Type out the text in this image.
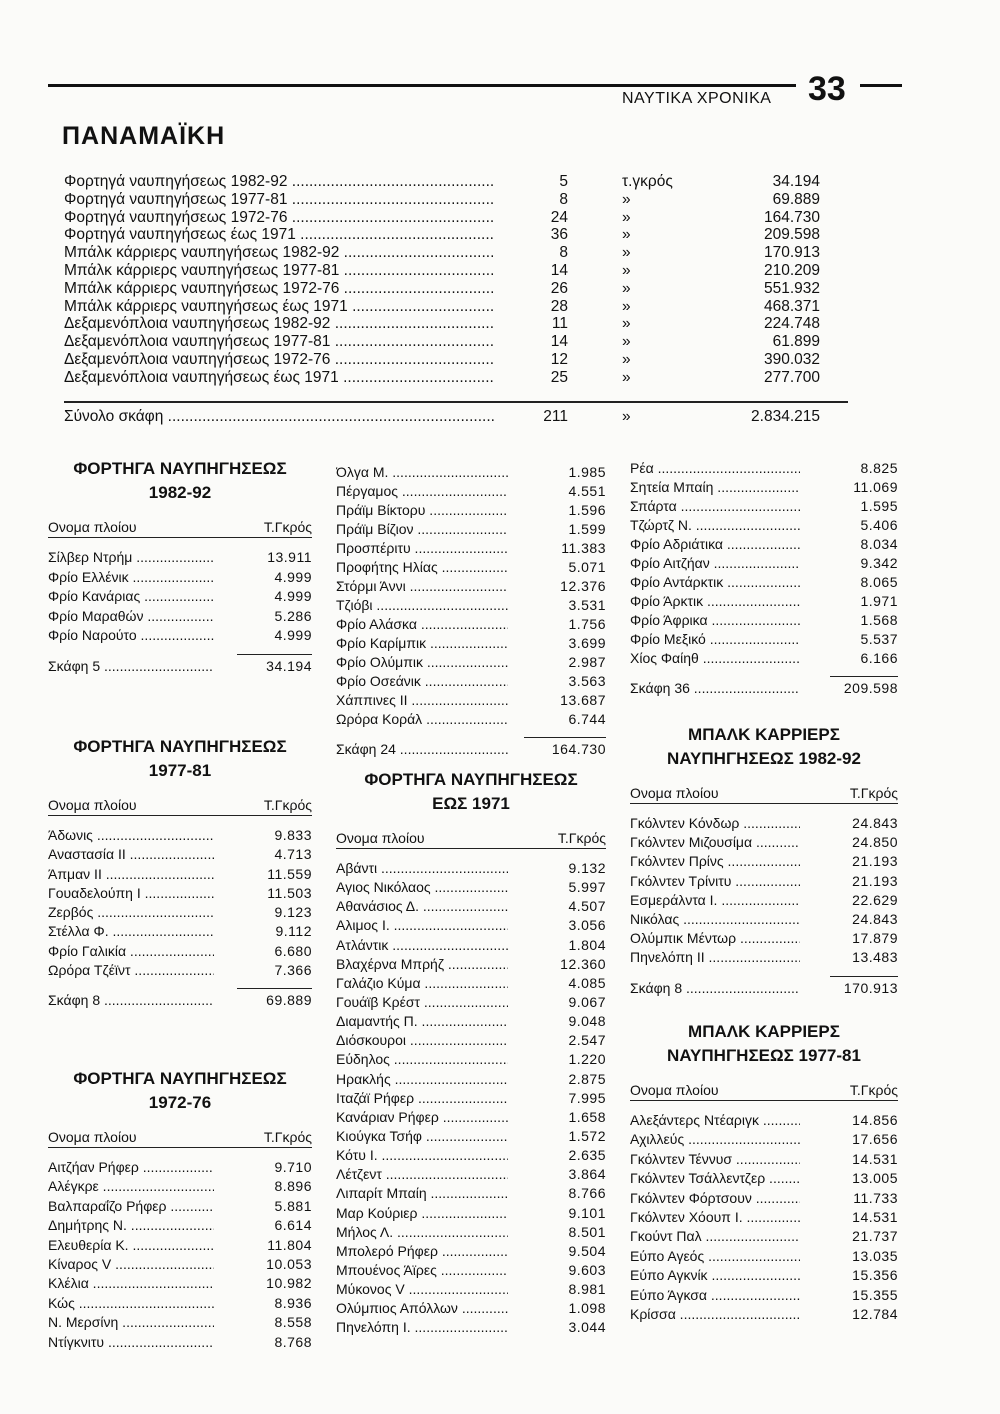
ΝΑΥΤΙΚΑ ΧΡΟΝΙΚΑ 33
ΠΑΝΑΜΑΪΚΗ
Φορτηγά ναυπηγήσεως 1982-92 .....	5	τ.γκρός	34.194
Φορτηγά ναυπηγήσεως 1977-81 .....	8	»	69.889
Φορτηγά ναυπηγήσεως 1972-76 .....	24	»	164.730
Φορτηγά ναυπηγήσεως έως 1971 .....	36	»	209.598
Μπάλκ κάρριερς ναυπηγήσεως 1982-92 .....	8	»	170.913
Μπάλκ κάρριερς ναυπηγήσεως 1977-81 .....	14	»	210.209
Μπάλκ κάρριερς ναυπηγήσεως 1972-76 .....	26	»	551.932
Μπάλκ κάρριερς ναυπηγήσεως έως 1971 .....	28	»	468.371
Δεξαμενόπλοια ναυπηγήσεως 1982-92 .....	11	»	224.748
Δεξαμενόπλοια ναυπηγήσεως 1977-81 .....	14	»	61.899
Δεξαμενόπλοια ναυπηγήσεως 1972-76 .....	12	»	390.032
Δεξαμενόπλοια ναυπηγήσεως έως 1971 .....	25	»	277.700
Σύνολο σκάφη .....	211	»	2.834.215
ΦΟΡΤΗΓΑ ΝΑΥΠΗΓΗΣΕΩΣ
1982-92
Ονομα πλοίου	Τ.Γκρός
Σίλβερ Ντρήμ .....	13.911
Φρίο Ελλένικ .....	4.999
Φρίο Κανάριας .....	4.999
Φρίο Μαραθών .....	5.286
Φρίο Ναρούτο .....	4.999
Σκάφη 5 .....	34.194
ΦΟΡΤΗΓΑ ΝΑΥΠΗΓΗΣΕΩΣ
1977-81
Ονομα πλοίου	Τ.Γκρός
Άδωνις .....	9.833
Αναστασία ΙΙ .....	4.713
Άπμαν ΙΙ .....	11.559
Γουαδελούπη Ι .....	11.503
Ζερβός .....	9.123
Στέλλα Φ. .....	9.112
Φρίο Γαλικία .....	6.680
Ωρόρα Τζέϊντ .....	7.366
Σκάφη 8 .....	69.889
ΦΟΡΤΗΓΑ ΝΑΥΠΗΓΗΣΕΩΣ
1972-76
Ονομα πλοίου	Τ.Γκρός
Αιτζήαν Ρήφερ .....	9.710
Αλέγκρε .....	8.896
Βαλπαραΐζο Ρήφερ .....	5.881
Δημήτρης Ν. .....	6.614
Ελευθερία Κ. .....	11.804
Κίναρος V .....	10.053
Κλέλια .....	10.982
Κώς .....	8.936
Ν. Μερσίνη .....	8.558
Ντίγκνιτυ .....	8.768
Όλγα Μ. .....	1.985
Πέργαμος .....	4.551
Πράϊμ Βίκτορυ .....	1.596
Πράϊμ Βίζιον .....	1.599
Προσπέριτυ .....	11.383
Προφήτης Ηλίας .....	5.071
Στόρμι Άννι .....	12.376
Τζιόβι .....	3.531
Φρίο Αλάσκα .....	1.756
Φρίο Καρίμπικ .....	3.699
Φρίο Ολύμπικ .....	2.987
Φρίο Οσεάνικ .....	3.563
Χάππινες ΙΙ .....	13.687
Ωρόρα Κοράλ .....	6.744
Σκάφη 24 .....	164.730
ΦΟΡΤΗΓΑ ΝΑΥΠΗΓΗΣΕΩΣ
ΕΩΣ 1971
Ονομα πλοίου	Τ.Γκρός
Αβάντι .....	9.132
Αγιος Νικόλαος .....	5.997
Αθανάσιος Δ. .....	4.507
Αλιμος Ι. .....	3.056
Ατλάντικ .....	1.804
Βλαχέρνα Μπρήζ .....	12.360
Γαλάζιο Κύμα .....	4.085
Γουάϊβ Κρέστ .....	9.067
Διαμαντής Π. .....	9.048
Διόσκουροι .....	2.547
Εύδηλος .....	1.220
Ηρακλής .....	2.875
Ιταζάϊ Ρήφερ .....	7.995
Κανάριαν Ρήφερ .....	1.658
Κιούγκα Τσήφ .....	1.572
Κότυ Ι. .....	2.635
Λέτζεντ .....	3.864
Λιπαρίτ Μπαίη .....	8.766
Μαρ Κούριερ .....	9.101
Μήλος Λ. .....	8.501
Μπολερό Ρήφερ .....	9.504
Μπουένος Άϊρες .....	9.603
Μύκονος V .....	8.981
Ολύμπιος Απόλλων .....	1.098
Πηνελόπη Ι. .....	3.044
Ρέα .....	8.825
Σητεία Μπαίη .....	11.069
Σπάρτα .....	1.595
Τζώρτζ Ν. .....	5.406
Φρίο Αδριάτικα .....	8.034
Φρίο Αιτζήαν .....	9.342
Φρίο Αντάρκτικ .....	8.065
Φρίο Άρκτικ .....	1.971
Φρίο Άφρικα .....	1.568
Φρίο Μεξικό .....	5.537
Χίος Φαίηθ .....	6.166
Σκάφη 36 .....	209.598
ΜΠΑΛΚ ΚΑΡΡΙΕΡΣ
ΝΑΥΠΗΓΗΣΕΩΣ 1982-92
Ονομα πλοίου	Τ.Γκρός
Γκόλντεν Κόνδωρ .....	24.843
Γκόλντεν Μιζουσίμα .....	24.850
Γκόλντεν Πρίνς .....	21.193
Γκόλντεν Τρίνιτυ .....	21.193
Εσμεράλντα Ι. .....	22.629
Νικόλας .....	24.843
Ολύμπικ Μέντωρ .....	17.879
Πηνελόπη ΙΙ .....	13.483
Σκάφη 8 .....	170.913
ΜΠΑΛΚ ΚΑΡΡΙΕΡΣ
ΝΑΥΠΗΓΗΣΕΩΣ 1977-81
Ονομα πλοίου	Τ.Γκρός
Αλεξάντερς Ντέαριγκ .....	14.856
Αχιλλεύς .....	17.656
Γκόλντεν Τέννυσ .....	14.531
Γκόλντεν Τσάλλεντζερ .....	13.005
Γκόλντεν Φόρτσουν .....	11.733
Γκόλντεν Χόουπ Ι. .....	14.531
Γκούντ Παλ .....	21.737
Εύπο Αγεός .....	13.035
Εύπο Αγκνίκ .....	15.356
Εύπο Άγκσα .....	15.355
Κρίσσα .....	12.784
